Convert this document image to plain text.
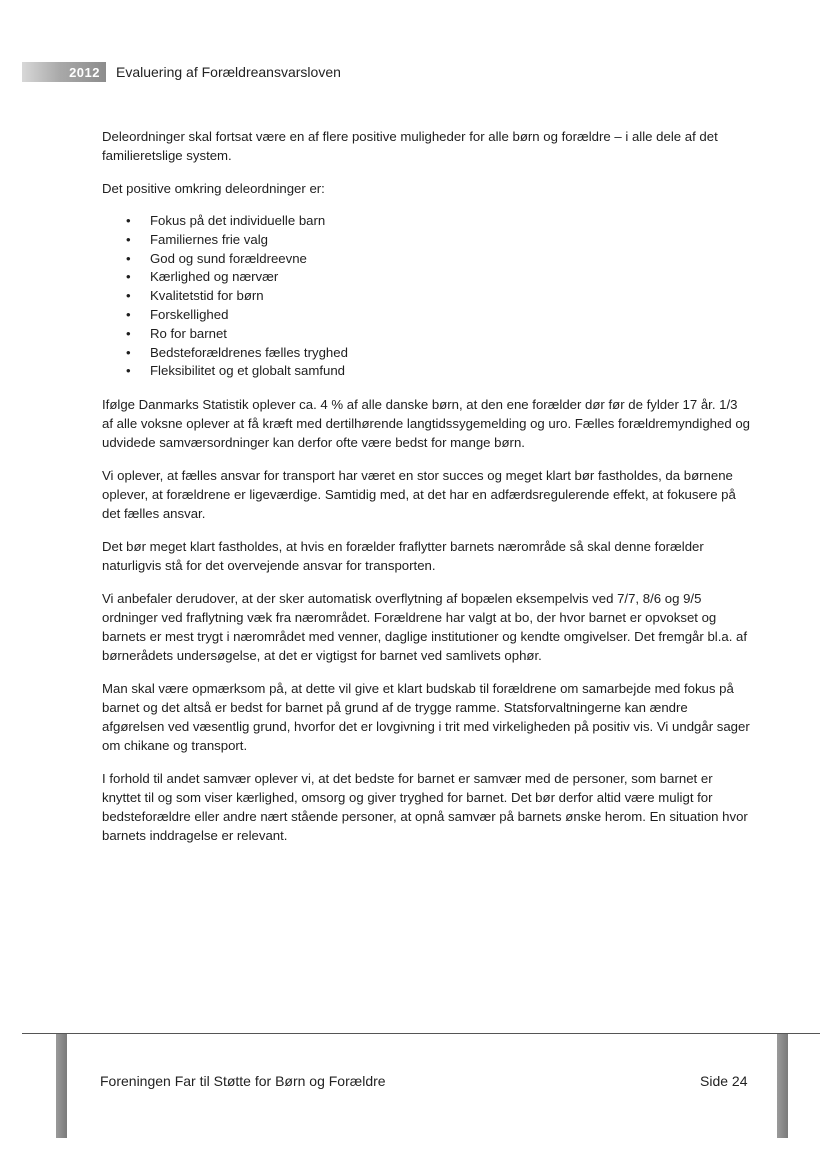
2012 Evaluering af Forældreansvarsloven

Deleordninger skal fortsat være en af flere positive muligheder for alle børn og forældre – i alle dele af det familieretslige system.

Det positive omkring deleordninger er:

• Fokus på det individuelle barn
• Familiernes frie valg
• God og sund forældreevne
• Kærlighed og nærvær
• Kvalitetstid for børn
• Forskellighed
• Ro for barnet
• Bedsteforældrenes fælles tryghed
• Fleksibilitet og et globalt samfund

Ifølge Danmarks Statistik oplever ca. 4 % af alle danske børn, at den ene forælder dør før de fylder 17 år. 1/3 af alle voksne oplever at få kræft med dertilhørende langtidssygemelding og uro. Fælles forældremyndighed og udvidede samværsordninger kan derfor ofte være bedst for mange børn.

Vi oplever, at fælles ansvar for transport har været en stor succes og meget klart bør fastholdes, da børnene oplever, at forældrene er ligeværdige. Samtidig med, at det har en adfærdsregulerende effekt, at fokusere på det fælles ansvar.

Det bør meget klart fastholdes, at hvis en forælder fraflytter barnets nærområde så skal denne forælder naturligvis stå for det overvejende ansvar for transporten.

Vi anbefaler derudover, at der sker automatisk overflytning af bopælen eksempelvis ved 7/7, 8/6 og 9/5 ordninger ved fraflytning væk fra nærområdet. Forældrene har valgt at bo, der hvor barnet er opvokset og barnets er mest trygt i nærområdet med venner, daglige institutioner og kendte omgivelser. Det fremgår bl.a. af børnerådets undersøgelse, at det er vigtigst for barnet ved samlivets ophør.

Man skal være opmærksom på, at dette vil give et klart budskab til forældrene om samarbejde med fokus på barnet og det altså er bedst for barnet på grund af de trygge ramme. Statsforvaltningerne kan ændre afgørelsen ved væsentlig grund, hvorfor det er lovgivning i trit med virkeligheden på positiv vis. Vi undgår sager om chikane og transport.

I forhold til andet samvær oplever vi, at det bedste for barnet er samvær med de personer, som barnet er knyttet til og som viser kærlighed, omsorg og giver tryghed for barnet. Det bør derfor altid være muligt for bedsteforældre eller andre nært stående personer, at opnå samvær på barnets ønske herom. En situation hvor barnets inddragelse er relevant.

Foreningen Far til Støtte for Børn og Forældre	Side 24
